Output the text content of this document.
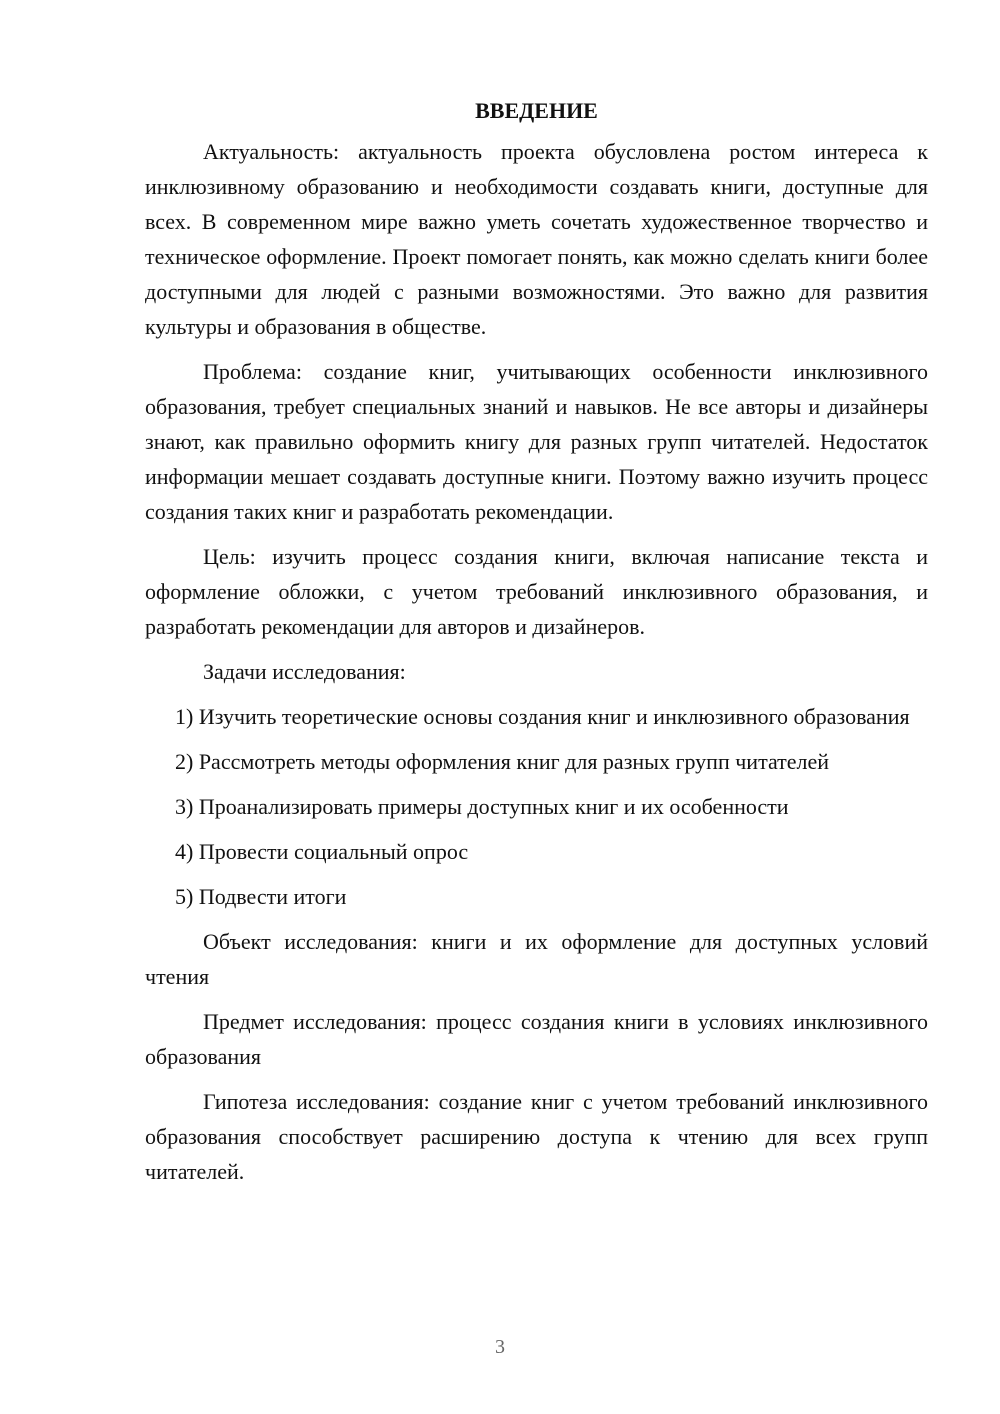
ВВЕДЕНИЕ

Актуальность: актуальность проекта обусловлена ростом интереса к инклюзивному образованию и необходимости создавать книги, доступные для всех. В современном мире важно уметь сочетать художественное творчество и техническое оформление. Проект помогает понять, как можно сделать книги более доступными для людей с разными возможностями. Это важно для развития культуры и образования в обществе.

Проблема: создание книг, учитывающих особенности инклюзивного образования, требует специальных знаний и навыков. Не все авторы и дизайнеры знают, как правильно оформить книгу для разных групп читателей. Недостаток информации мешает создавать доступные книги. Поэтому важно изучить процесс создания таких книг и разработать рекомендации.

Цель: изучить процесс создания книги, включая написание текста и оформление обложки, с учетом требований инклюзивного образования, и разработать рекомендации для авторов и дизайнеров.

Задачи исследования:

1) Изучить теоретические основы создания книг и инклюзивного образования

2) Рассмотреть методы оформления книг для разных групп читателей

3) Проанализировать примеры доступных книг и их особенности

4) Провести социальный опрос

5) Подвести итоги

Объект исследования: книги и их оформление для доступных условий чтения

Предмет исследования: процесс создания книги в условиях инклюзивного образования

Гипотеза исследования: создание книг с учетом требований инклюзивного образования способствует расширению доступа к чтению для всех групп читателей.

3
